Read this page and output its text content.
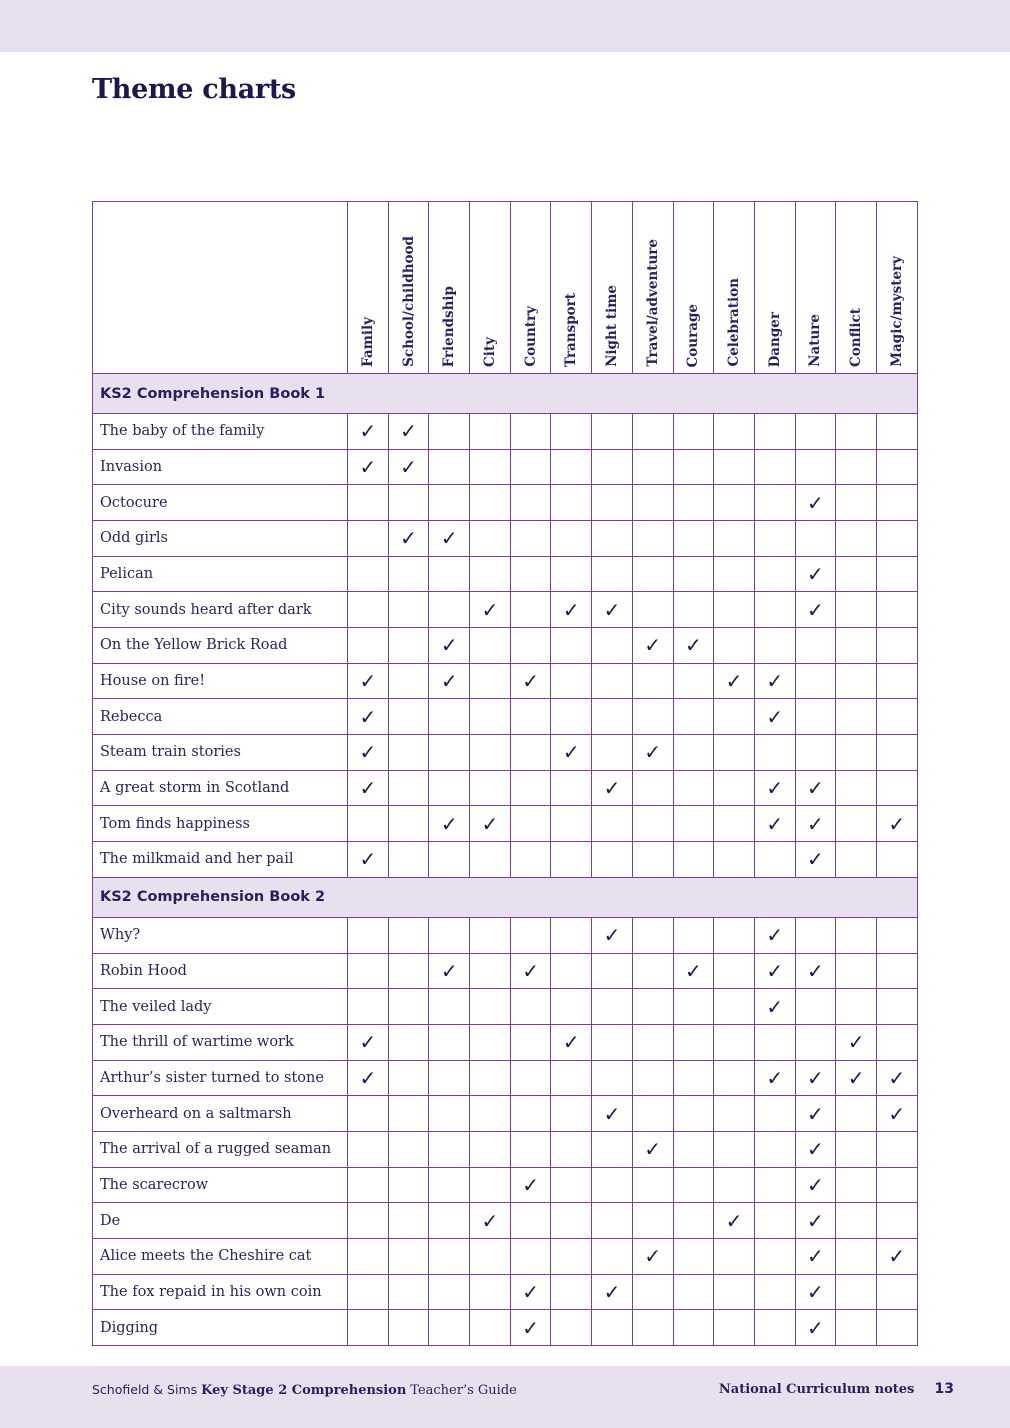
Theme charts

	Family	School/childhood	Friendship	City	Country	Transport	Night time	Travel/adventure	Courage	Celebration	Danger	Nature	Conflict	Magic/mystery

KS2 Comprehension Book 1														
The baby of the family	✓	✓												
Invasion	✓	✓												
Octocure												✓		
Odd girls		✓	✓											
Pelican												✓		
City sounds heard after dark				✓		✓	✓					✓		
On the Yellow Brick Road			✓					✓	✓					
House on fire!	✓		✓		✓					✓	✓			
Rebecca	✓										✓			
Steam train stories	✓					✓		✓						
A great storm in Scotland	✓						✓				✓	✓		
Tom finds happiness			✓	✓							✓	✓		✓
The milkmaid and her pail	✓											✓		
KS2 Comprehension Book 2														
Why?							✓				✓			
Robin Hood			✓		✓				✓		✓	✓		
The veiled lady											✓			
The thrill of wartime work	✓					✓							✓	
Arthur’s sister turned to stone	✓										✓	✓	✓	✓
Overheard on a saltmarsh							✓					✓		✓
The arrival of a rugged seaman								✓				✓		
The scarecrow					✓							✓		
De				✓						✓		✓		
Alice meets the Cheshire cat								✓				✓		✓
The fox repaid in his own coin					✓		✓					✓		
Digging					✓							✓		
Schofield & Sims Key Stage 2 Comprehension Teacher’s Guide	National Curriculum notes 13
